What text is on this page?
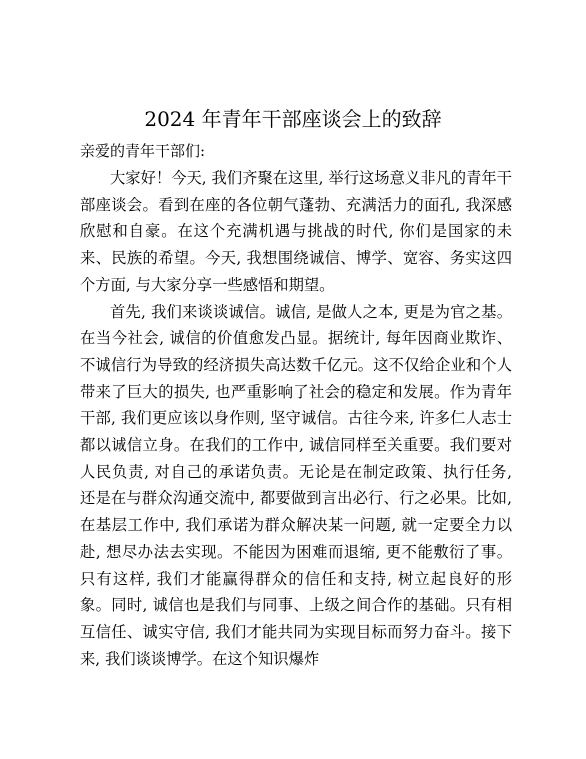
2024 年青年干部座谈会上的致辞
亲爱的青年干部们:

大家好！今天, 我们齐聚在这里, 举行这场意义非凡的青年干部座谈会。看到在座的各位朝气蓬勃、充满活力的面孔, 我深感欣慰和自豪。在这个充满机遇与挑战的时代, 你们是国家的未来、民族的希望。今天, 我想围绕诚信、博学、宽容、务实这四个方面, 与大家分享一些感悟和期望。

首先, 我们来谈谈诚信。诚信, 是做人之本, 更是为官之基。在当今社会, 诚信的价值愈发凸显。据统计, 每年因商业欺诈、不诚信行为导致的经济损失高达数千亿元。这不仅给企业和个人带来了巨大的损失, 也严重影响了社会的稳定和发展。作为青年干部, 我们更应该以身作则, 坚守诚信。古往今来, 许多仁人志士都以诚信立身。在我们的工作中, 诚信同样至关重要。我们要对人民负责, 对自己的承诺负责。无论是在制定政策、执行任务, 还是在与群众沟通交流中, 都要做到言出必行、行之必果。比如, 在基层工作中, 我们承诺为群众解决某一问题, 就一定要全力以赴, 想尽办法去实现。不能因为困难而退缩, 更不能敷衍了事。只有这样, 我们才能赢得群众的信任和支持, 树立起良好的形象。同时, 诚信也是我们与同事、上级之间合作的基础。只有相互信任、诚实守信, 我们才能共同为实现目标而努力奋斗。接下来, 我们谈谈博学。在这个知识爆炸
